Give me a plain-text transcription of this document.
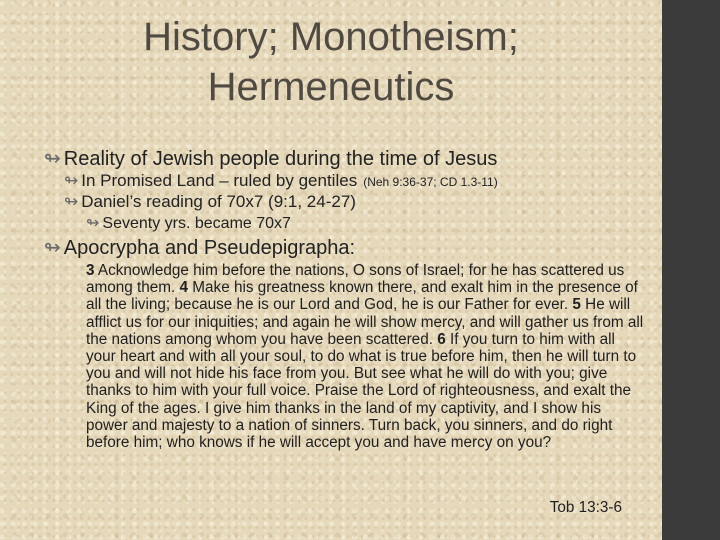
History; Monotheism;
Hermeneutics
↬ Reality of Jewish people during the time of Jesus
↬ In Promised Land – ruled by gentiles (Neh 9:36-37; CD 1.3-11)
↬ Daniel’s reading of 70x7 (9:1, 24-27)
↬ Seventy yrs. became 70x7
↬ Apocrypha and Pseudepigrapha:
3 Acknowledge him before the nations, O sons of Israel; for he has scattered us among them. 4 Make his greatness known there, and exalt him in the presence of all the living; because he is our Lord and God, he is our Father for ever. 5 He will afflict us for our iniquities; and again he will show mercy, and will gather us from all the nations among whom you have been scattered. 6 If you turn to him with all your heart and with all your soul, to do what is true before him, then he will turn to you and will not hide his face from you. But see what he will do with you; give thanks to him with your full voice. Praise the Lord of righteousness, and exalt the King of the ages. I give him thanks in the land of my captivity, and I show his power and majesty to a nation of sinners. Turn back, you sinners, and do right before him; who knows if he will accept you and have mercy on you?
Tob 13:3-6
